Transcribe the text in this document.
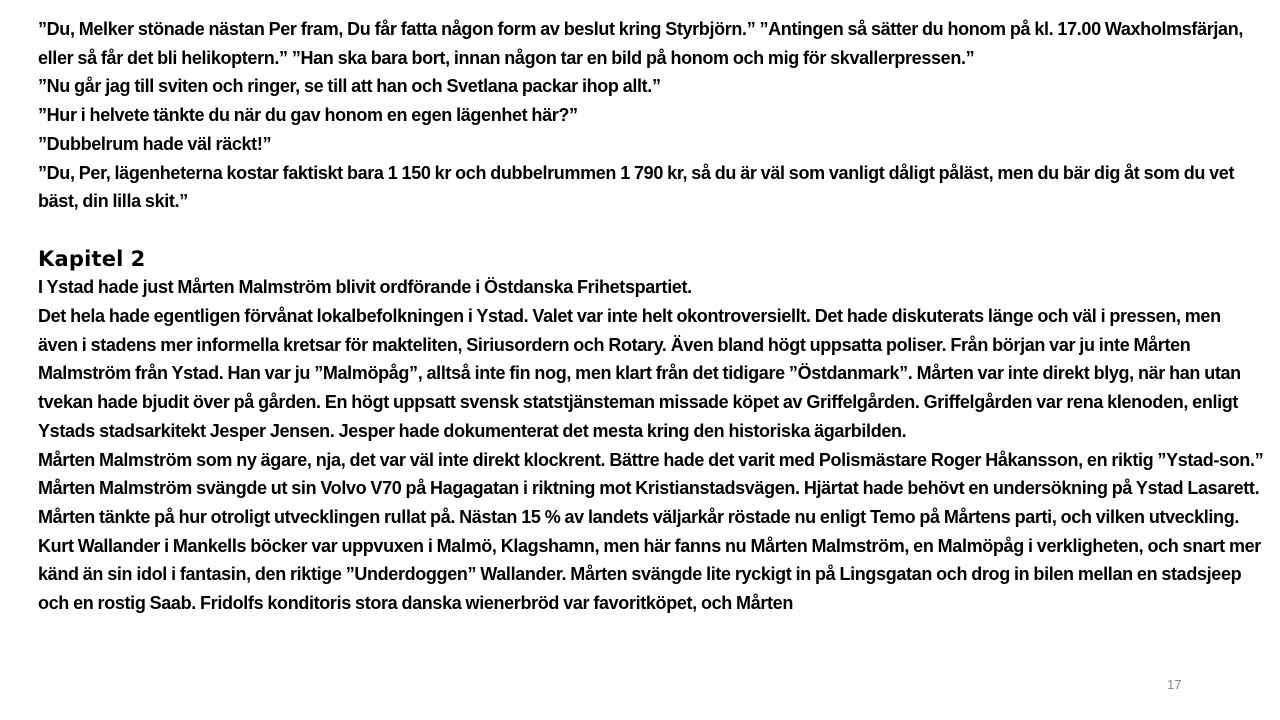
”Du, Melker stönade nästan Per fram, Du får fatta någon form av beslut kring Styrbjörn.” ”Antingen så sätter du honom på kl. 17.00 Waxholmsfärjan, eller så får det bli helikoptern.” ”Han ska bara bort, innan någon tar en bild på honom och mig för skvallerpressen.”

”Nu går jag till sviten och ringer, se till att han och Svetlana packar ihop allt.”

”Hur i helvete tänkte du när du gav honom en egen lägenhet här?”

”Dubbelrum hade väl räckt!”

”Du, Per, lägenheterna kostar faktiskt bara 1 150 kr och dubbelrummen 1 790 kr, så du är väl som vanligt dåligt påläst, men du bär dig åt som du vet bäst, din lilla skit.”

Kapitel 2

I Ystad hade just Mårten Malmström blivit ordförande i Östdanska Frihetspartiet.

Det hela hade egentligen förvånat lokalbefolkningen i Ystad. Valet var inte helt okontroversiellt. Det hade diskuterats länge och väl i pressen, men även i stadens mer informella kretsar för makteliten, Siriusordern och Rotary. Även bland högt uppsatta poliser. Från början var ju inte Mårten Malmström från Ystad. Han var ju ”Malmöpåg”, alltså inte fin nog, men klart från det tidigare ”Östdanmark”. Mårten var inte direkt blyg, när han utan tvekan hade bjudit över på gården. En högt uppsatt svensk statstjänsteman missade köpet av Griffelgården. Griffelgården var rena klenoden, enligt Ystads stadsarkitekt Jesper Jensen. Jesper hade dokumenterat det mesta kring den historiska ägarbilden.

Mårten Malmström som ny ägare, nja, det var väl inte direkt klockrent. Bättre hade det varit med Polismästare Roger Håkansson, en riktig ”Ystad-son.” Mårten Malmström svängde ut sin Volvo V70 på Hagagatan i riktning mot Kristianstadsvägen. Hjärtat hade behövt en undersökning på Ystad Lasarett. Mårten tänkte på hur otroligt utvecklingen rullat på. Nästan 15 % av landets väljarkår röstade nu enligt Temo på Mårtens parti, och vilken utveckling. Kurt Wallander i Mankells böcker var uppvuxen i Malmö, Klagshamn, men här fanns nu Mårten Malmström, en Malmöpåg i verkligheten, och snart mer känd än sin idol i fantasin, den riktige ”Underdoggen” Wallander. Mårten svängde lite ryckigt in på Lingsgatan och drog in bilen mellan en stadsjeep och en rostig Saab. Fridolfs konditoris stora danska wienerbröd var favoritköpet, och Mårten

17
